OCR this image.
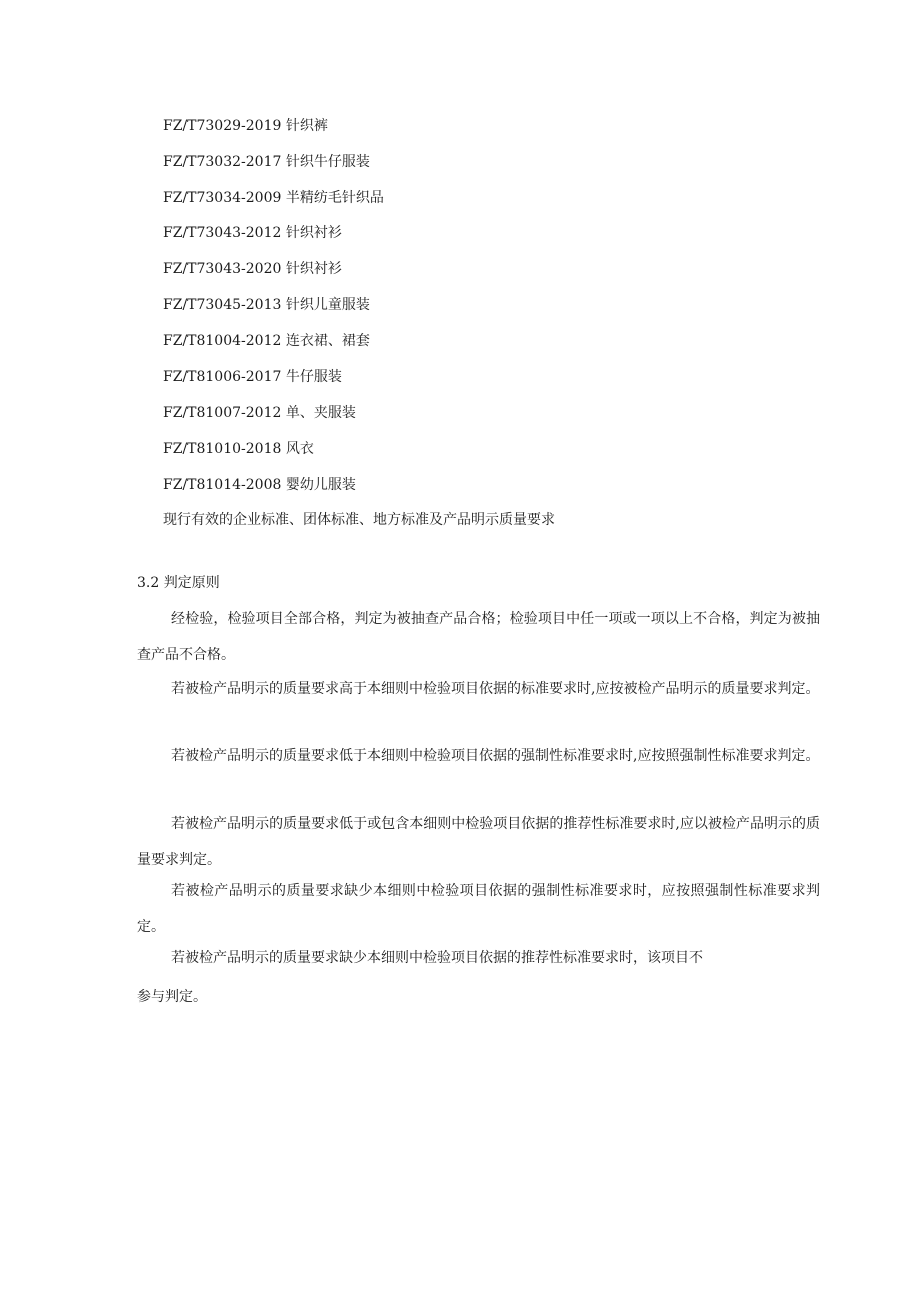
FZ/T73029-2019 针织裤
FZ/T73032-2017 针织牛仔服装
FZ/T73034-2009 半精纺毛针织品
FZ/T73043-2012 针织衬衫
FZ/T73043-2020 针织衬衫
FZ/T73045-2013 针织儿童服装
FZ/T81004-2012 连衣裙、裙套
FZ/T81006-2017 牛仔服装
FZ/T81007-2012 单、夹服装
FZ/T81010-2018 风衣
FZ/T81014-2008 婴幼儿服装
现行有效的企业标准、团体标准、地方标准及产品明示质量要求
3.2 判定原则

经检验，检验项目全部合格，判定为被抽查产品合格；检验项目中任一项或一项以上不合格，判定为被抽查产品不合格。

若被检产品明示的质量要求高于本细则中检验项目依据的标准要求时,应按被检产品明示的质量要求判定。

若被检产品明示的质量要求低于本细则中检验项目依据的强制性标准要求时,应按照强制性标准要求判定。

若被检产品明示的质量要求低于或包含本细则中检验项目依据的推荐性标准要求时,应以被检产品明示的质量要求判定。

若被检产品明示的质量要求缺少本细则中检验项目依据的强制性标准要求时，应按照强制性标准要求判定。

若被检产品明示的质量要求缺少本细则中检验项目依据的推荐性标准要求时，该项目不

参与判定。
